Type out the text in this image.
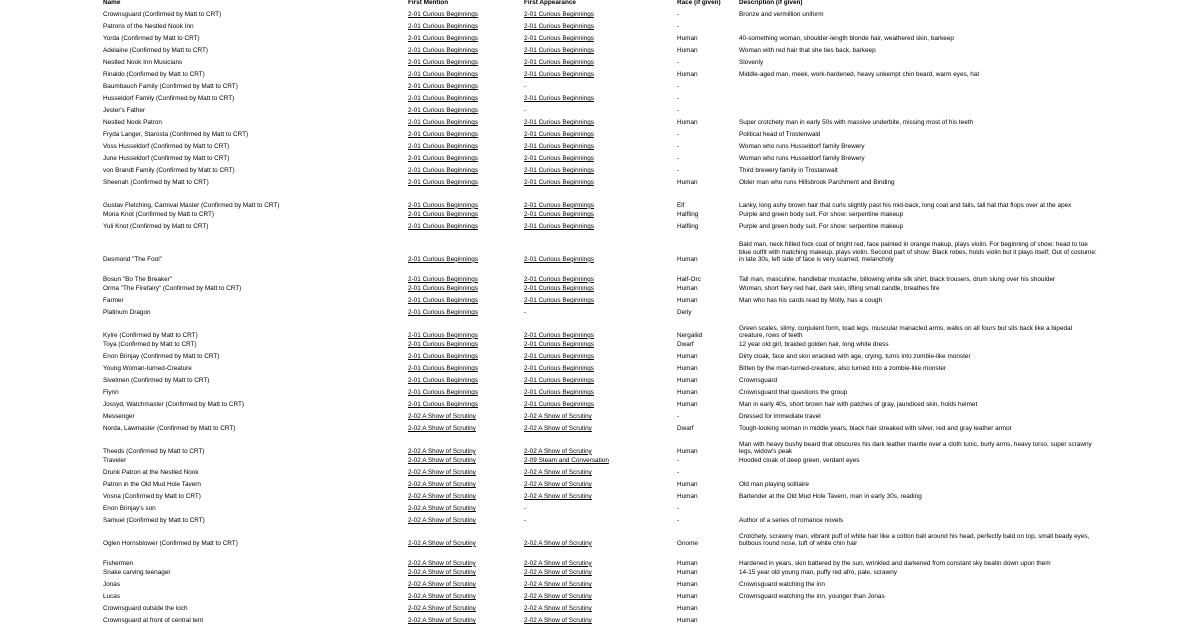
Name	First Mention	First Appearance	Race (if given)	Description (if given)
Crownsguard (Confirmed by Matt to CRT)	2-01 Curious Beginnings	2-01 Curious Beginnings	-	Bronze and vermillion uniform
Patrons of the Nestled Nook Inn	2-01 Curious Beginnings	2-01 Curious Beginnings	-	
Yorda (Confirmed by Matt to CRT)	2-01 Curious Beginnings	2-01 Curious Beginnings	Human	40-something woman, shoulder-length blonde hair, weathered skin, barkeep
Adelaine (Confirmed by Matt to CRT)	2-01 Curious Beginnings	2-01 Curious Beginnings	Human	Woman with red hair that she ties back, barkeep
Nestled Nook Inn Musicians	2-01 Curious Beginnings	2-01 Curious Beginnings	-	Slovenly
Rinaldo (Confirmed by Matt to CRT)	2-01 Curious Beginnings	2-01 Curious Beginnings	Human	Middle-aged man, meek, work-hardened, heavy unkempt chin beard, warm eyes, hat
Baumbauch Family (Confirmed by Matt to CRT)	2-01 Curious Beginnings	-	-	
Husseldorf Family (Confirmed by Matt to CRT)	2-01 Curious Beginnings	2-01 Curious Beginnings	-	
Jester's Father	2-01 Curious Beginnings	-	-	
Nestled Nook Patron	2-01 Curious Beginnings	2-01 Curious Beginnings	Human	Super crotchety man in early 50s with massive underbite, missing most of his teeth
Fryda Langer, Starosta (Confirmed by Matt to CRT)	2-01 Curious Beginnings	2-01 Curious Beginnings	-	Political head of Trostenwald
Voss Husseldorf (Confirmed by Matt to CRT)	2-01 Curious Beginnings	2-01 Curious Beginnings	-	Woman who runs Husseldorf family Brewery
June Husseldorf (Confirmed by Matt to CRT)	2-01 Curious Beginnings	2-01 Curious Beginnings	-	Woman who runs Husseldorf family Brewery
von Brandt Family (Confirmed by Matt to CRT)	2-01 Curious Beginnings	2-01 Curious Beginnings	-	Third brewery family in Trostanwalt
Sheenah (Confirmed by Matt to CRT)	2-01 Curious Beginnings	2-01 Curious Beginnings	Human	Older man who runs Hillsbrook Parchment and Binding
Gustav Fletching, Carnival Master (Confirmed by Matt to CRT)	2-01 Curious Beginnings	2-01 Curious Beginnings	Elf	Lanky, long ashy brown hair that curls slightly past his mid-back, long coat and tails, tall hat that flops over at the apex
Mona Knot (Confirmed by Matt to CRT)	2-01 Curious Beginnings	2-01 Curious Beginnings	Halfling	Purple and green body suit. For show: serpentine makeup
Yuli Knot (Confirmed by Matt to CRT)	2-01 Curious Beginnings	2-01 Curious Beginnings	Halfling	Purple and green body suit. For show: serpentine makeup
Desmond "The Fool"	2-01 Curious Beginnings	2-01 Curious Beginnings	Human	Bald man, neck frilled fock coat of bright red, face painted in orange makup, plays violin. For beginning of show: head to toe blue outfit with matching makeup, plays violin. Second part of show: Black robes, holds violin but it plays itself; Out of costume: in late 30s, left side of face is very scarred, melancholy
Bosun "Bo The Breaker"	2-01 Curious Beginnings	2-01 Curious Beginnings	Half-Orc	Tall man, masculine, handlebar mustache, billowing white silk shirt, black trousers, drum slung over his shoulder
Orma "The Firefairy" (Confirmed by Matt to CRT)	2-01 Curious Beginnings	2-01 Curious Beginnings	Human	Woman, short fiery red hair, dark skin, lifting small candle, breathes fire
Farmer	2-01 Curious Beginnings	2-01 Curious Beginnings	Human	Man who has his cards read by Molly, has a cough
Platinum Dragon	2-01 Curious Beginnings	-	Deity	
Kylre (Confirmed by Matt to CRT)	2-01 Curious Beginnings	2-01 Curious Beginnings	Nergaliid	Green scales, slimy, corpulent form, toad legs, muscular manacled arms, walks on all fours but sits back like a bipedal creature, rows of teeth
Toya (Confirmed by Matt to CRT)	2-01 Curious Beginnings	2-01 Curious Beginnings	Dwarf	12 year old girl, braided golden hair, long white dress
Enon Brinjay (Confirmed by Matt to CRT)	2-01 Curious Beginnings	2-01 Curious Beginnings	Human	Dirty cloak, face and skin wracked with age, crying, turns into zombie-like monster
Young Woman-turned-Creature	2-01 Curious Beginnings	2-01 Curious Beginnings	Human	Bitten by the man-turned-creature, also turned into a zombie-like monster
Sivelmen (Confirmed by Matt to CRT)	2-01 Curious Beginnings	2-01 Curious Beginnings	Human	Crownsguard
Flynn	2-01 Curious Beginnings	2-01 Curious Beginnings	Human	Crownsguard that questions the group
Jossyd, Watchmaster (Confirmed by Matt to CRT)	2-01 Curious Beginnings	2-01 Curious Beginnings	Human	Man in early 40s, short brown hair with patches of gray, jaundiced skin, holds helmet
Messenger	2-02 A Show of Scrutiny	2-02 A Show of Scrutiny	-	Dressed for immediate travel
Norda, Lawmaster (Confirmed by Matt to CRT)	2-02 A Show of Scrutiny	2-02 A Show of Scrutiny	Dwarf	Tough-looking woman in middle years, black hair streaked with silver, red and gray leather armor
Theeds (Confirmed by Matt to CRT)	2-02 A Show of Scrutiny	2-02 A Show of Scrutiny	Human	Man with heavy bushy beard that obscures his dark leather mantle over a cloth tunic, burly arms, heavy torso, super scrawny legs, widow's peak
Traveler	2-02 A Show of Scrutiny	2-09 Steam and Conversation	-	Hooded cloak of deep green, verdant eyes
Drunk Patron at the Nestled Nook	2-02 A Show of Scrutiny	2-02 A Show of Scrutiny	-	
Patron in the Old Mud Hole Tavern	2-02 A Show of Scrutiny	2-02 A Show of Scrutiny	Human	Old man playing solitaire
Vosna (Confirmed by Matt to CRT)	2-02 A Show of Scrutiny	2-02 A Show of Scrutiny	Human	Bartender at the Old Mud Hole Tavern, man in early 30s, reading
Enon Brinjay's son	2-02 A Show of Scrutiny	-	-	
Samuel (Confirmed by Matt to CRT)	2-02 A Show of Scrutiny	-	-	Author of a series of romance novels
Oglen Hornsblower (Confirmed by Matt to CRT)	2-02 A Show of Scrutiny	2-02 A Show of Scrutiny	Gnome	Crotchety, scrawny man, vibrant puff of white hair like a cotton ball around his head, perfectly bald on top, small beady eyes, bulbous round nose, tuft of white chin hair
Fishermen	2-02 A Show of Scrutiny	2-02 A Show of Scrutiny	Human	Hardened in years, skin battered by the sun, wrinkled and darkened from constant sky beatin down upon them
Snake carving teenager	2-02 A Show of Scrutiny	2-02 A Show of Scrutiny	Human	14-15 year old young man, puffy red afro, pale, scrawny
Jonas	2-02 A Show of Scrutiny	2-02 A Show of Scrutiny	Human	Crownsguard watching the inn
Lucas	2-02 A Show of Scrutiny	2-02 A Show of Scrutiny	Human	Crownsguard watching the inn, younger than Jonas
Crownsguard outside the loch	2-02 A Show of Scrutiny	2-02 A Show of Scrutiny	Human	
Crownsguard at front of central tent	2-02 A Show of Scrutiny	2-02 A Show of Scrutiny	Human	
